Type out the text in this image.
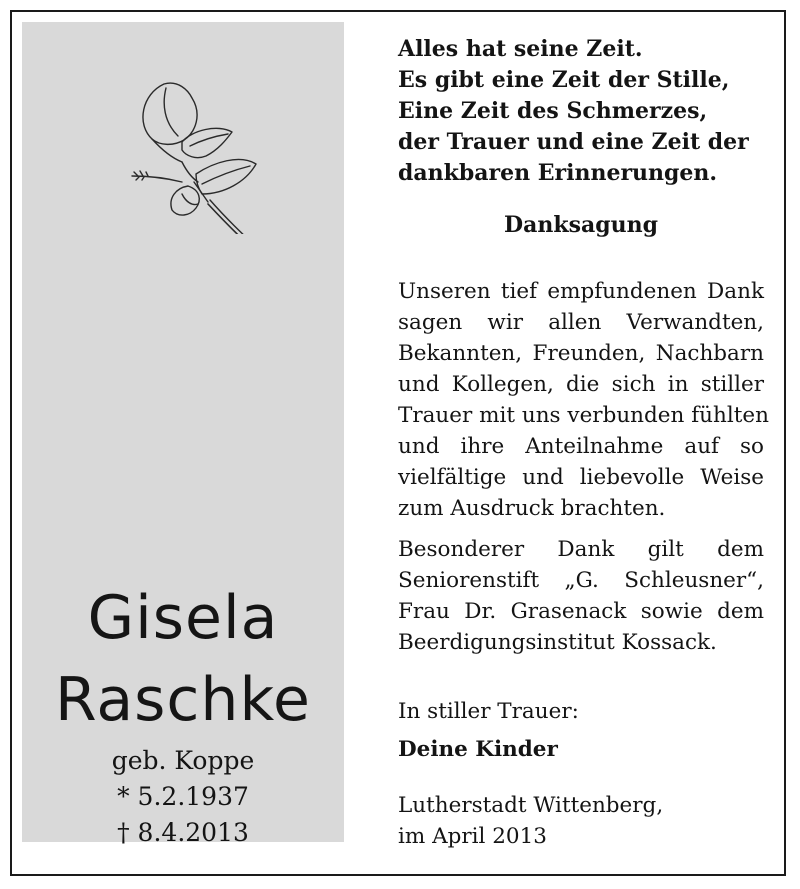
Gisela
Raschke
geb. Koppe
* 5.2.1937
† 8.4.2013
Alles hat seine Zeit.
Es gibt eine Zeit der Stille,
Eine Zeit des Schmerzes,
der Trauer und eine Zeit der
dankbaren Erinnerungen.
Danksagung
Unseren tief empfundenen Dank
sagen wir allen Verwandten,
Bekannten, Freunden, Nachbarn
und Kollegen, die sich in stiller
Trauer mit uns verbunden fühlten
und ihre Anteilnahme auf so
vielfältige und liebevolle Weise
zum Ausdruck brachten.
Besonderer Dank gilt dem
Seniorenstift „G. Schleusner“,
Frau Dr. Grasenack sowie dem
Beerdigungsinstitut Kossack.
In stiller Trauer:
Deine Kinder
Lutherstadt Wittenberg,
im April 2013
